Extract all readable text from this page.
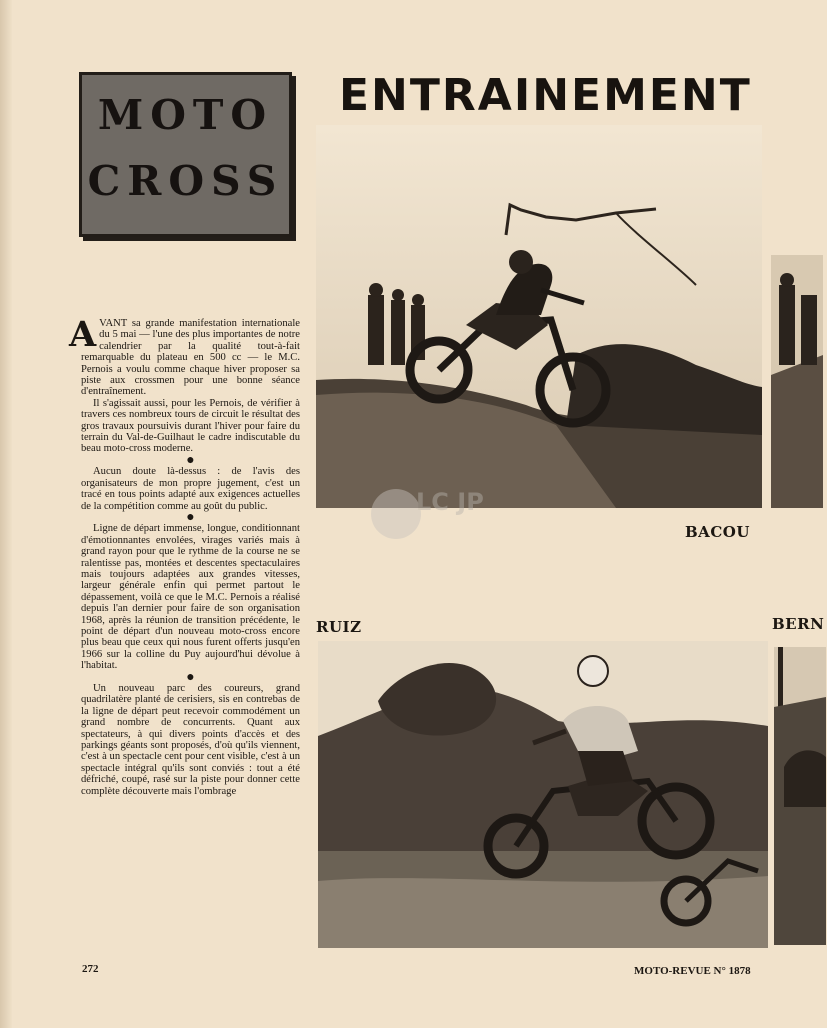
MOTO
CROSS
ENTRAINEMENT
LC JP
BACOU
RUIZ	BERN

AVANT sa grande manifestation internationale du 5 mai — l'une des plus importantes de notre calendrier par la qualité tout-à-fait remarquable du plateau en 500 cc — le M.C. Pernois a voulu comme chaque hiver proposer sa piste aux crossmen pour une bonne séance d'entraînement.

Il s'agissait aussi, pour les Pernois, de vérifier à travers ces nombreux tours de circuit le résultat des gros travaux poursuivis durant l'hiver pour faire du terrain du Val-de-Guilhaut le cadre indiscutable du beau moto-cross moderne.

●

Aucun doute là-dessus : de l'avis des organisateurs de mon propre jugement, c'est un tracé en tous points adapté aux exigences actuelles de la compétition comme au goût du public.

●

Ligne de départ immense, longue, conditionnant d'émotionnantes envolées, virages variés mais à grand rayon pour que le rythme de la course ne se ralentisse pas, montées et descentes spectaculaires mais toujours adaptées aux grandes vitesses, largeur générale enfin qui permet partout le dépassement, voilà ce que le M.C. Pernois a réalisé depuis l'an dernier pour faire de son organisation 1968, après la réunion de transition précédente, le point de départ d'un nouveau moto-cross encore plus beau que ceux qui nous furent offerts jusqu'en 1966 sur la colline du Puy aujourd'hui dévolue à l'habitat.

●

Un nouveau parc des coureurs, grand quadrilatère planté de cerisiers, sis en contrebas de la ligne de départ peut recevoir commodément un grand nombre de concurrents. Quant aux spectateurs, à qui divers points d'accès et des parkings géants sont proposés, d'où qu'ils viennent, c'est à un spectacle cent pour cent visible, c'est à un spectacle intégral qu'ils sont conviés : tout a été défriché, coupé, rasé sur la piste pour donner cette complète découverte mais l'ombrage

272	MOTO-REVUE N° 1878
